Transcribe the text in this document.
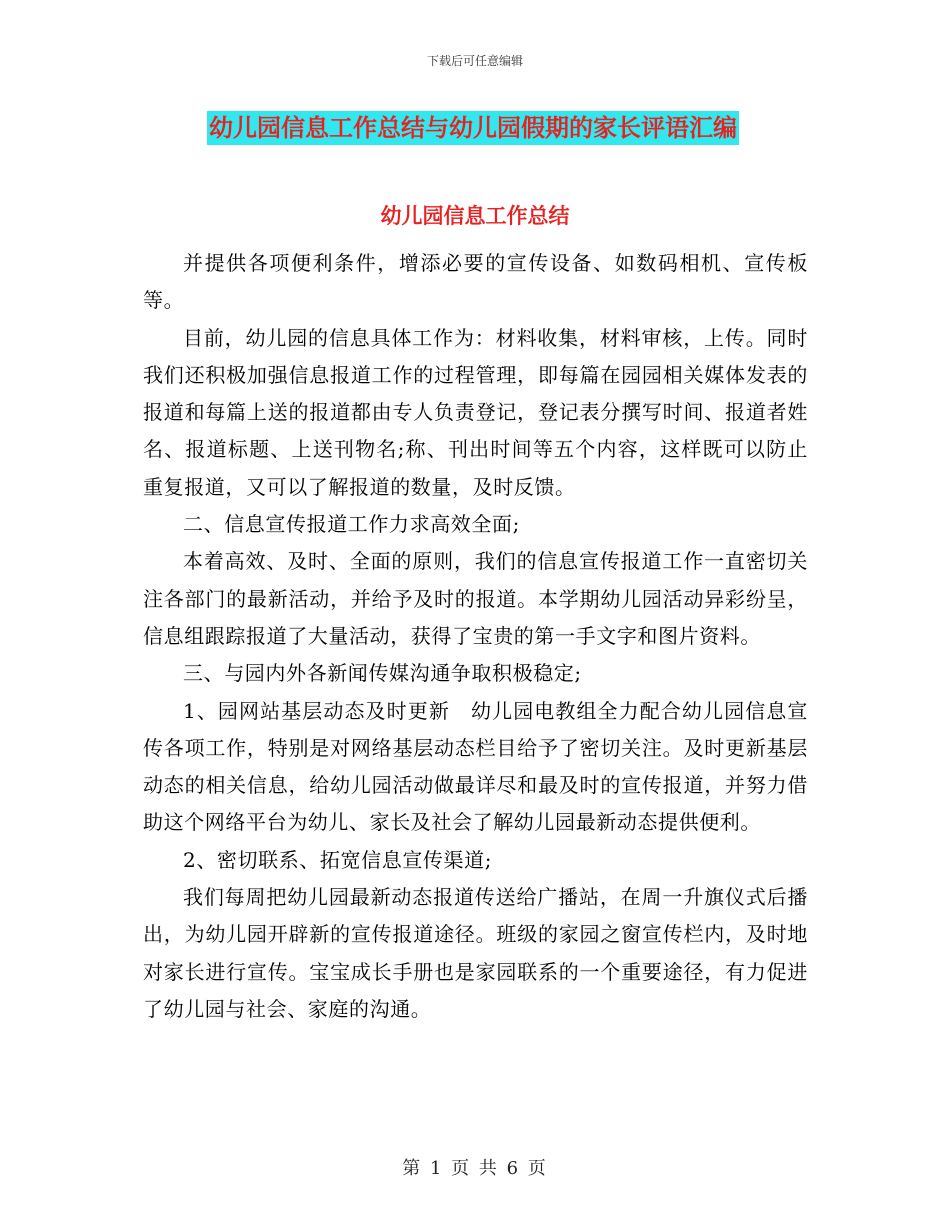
下载后可任意编辑
幼儿园信息工作总结与幼儿园假期的家长评语汇编
幼儿园信息工作总结

并提供各项便利条件，增添必要的宣传设备、如数码相机、宣传板等。

目前，幼儿园的信息具体工作为：材料收集，材料审核，上传。同时我们还积极加强信息报道工作的过程管理，即每篇在园园相关媒体发表的报道和每篇上送的报道都由专人负责登记，登记表分撰写时间、报道者姓名、报道标题、上送刊物名;称、刊出时间等五个内容，这样既可以防止重复报道，又可以了解报道的数量，及时反馈。

二、信息宣传报道工作力求高效全面;

本着高效、及时、全面的原则，我们的信息宣传报道工作一直密切关注各部门的最新活动，并给予及时的报道。本学期幼儿园活动异彩纷呈，信息组跟踪报道了大量活动，获得了宝贵的第一手文字和图片资料。

三、与园内外各新闻传媒沟通争取积极稳定;

1、园网站基层动态及时更新　幼儿园电教组全力配合幼儿园信息宣传各项工作，特别是对网络基层动态栏目给予了密切关注。及时更新基层动态的相关信息，给幼儿园活动做最详尽和最及时的宣传报道，并努力借助这个网络平台为幼儿、家长及社会了解幼儿园最新动态提供便利。

2、密切联系、拓宽信息宣传渠道;

我们每周把幼儿园最新动态报道传送给广播站，在周一升旗仪式后播出，为幼儿园开辟新的宣传报道途径。班级的家园之窗宣传栏内，及时地对家长进行宣传。宝宝成长手册也是家园联系的一个重要途径，有力促进了幼儿园与社会、家庭的沟通。

第 1 页 共 6 页
